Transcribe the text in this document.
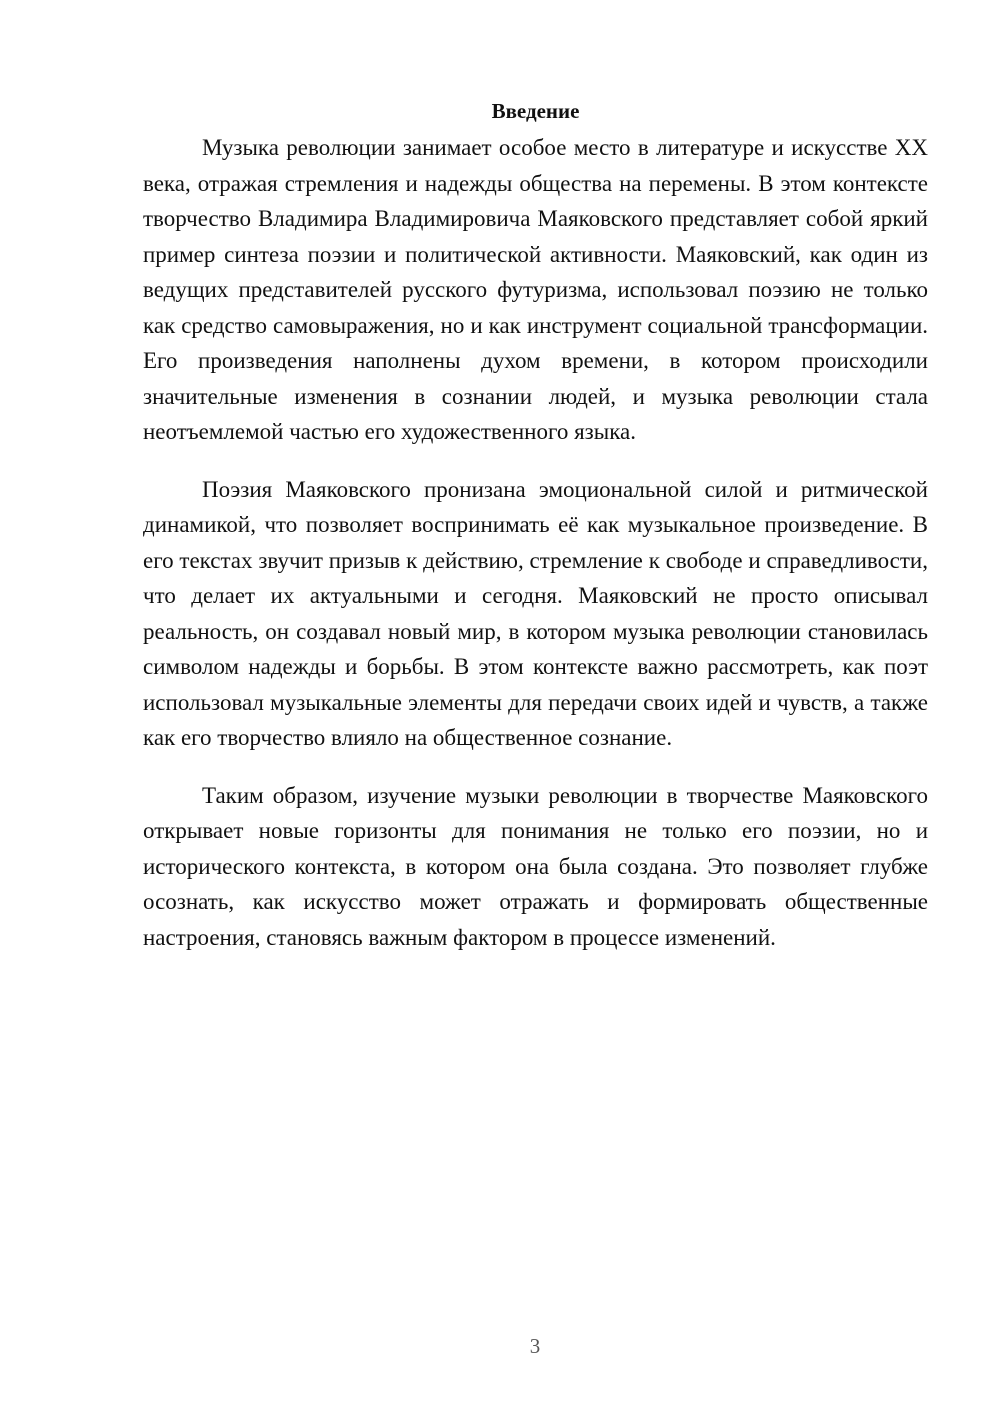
Введение

Музыка революции занимает особое место в литературе и искусстве XX века, отражая стремления и надежды общества на перемены. В этом контексте творчество Владимира Владимировича Маяковского представляет собой яркий пример синтеза поэзии и политической активности. Маяковский, как один из ведущих представителей русского футуризма, использовал поэзию не только как средство самовыражения, но и как инструмент социальной трансформации. Его произведения наполнены духом времени, в котором происходили значительные изменения в сознании людей, и музыка революции стала неотъемлемой частью его художественного языка.

Поэзия Маяковского пронизана эмоциональной силой и ритмической динамикой, что позволяет воспринимать её как музыкальное произведение. В его текстах звучит призыв к действию, стремление к свободе и справедливости, что делает их актуальными и сегодня. Маяковский не просто описывал реальность, он создавал новый мир, в котором музыка революции становилась символом надежды и борьбы. В этом контексте важно рассмотреть, как поэт использовал музыкальные элементы для передачи своих идей и чувств, а также как его творчество влияло на общественное сознание.

Таким образом, изучение музыки революции в творчестве Маяковского открывает новые горизонты для понимания не только его поэзии, но и исторического контекста, в котором она была создана. Это позволяет глубже осознать, как искусство может отражать и формировать общественные настроения, становясь важным фактором в процессе изменений.

3
